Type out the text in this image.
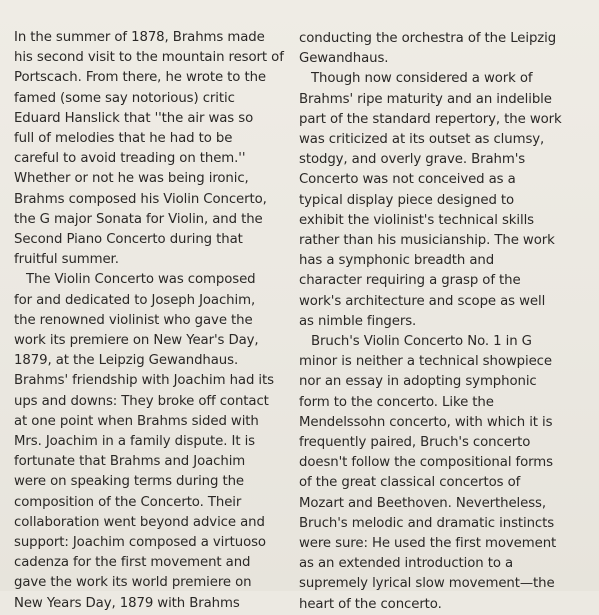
In the summer of 1878, Brahms made
his second visit to the mountain resort of
Portscach. From there, he wrote to the
famed (some say notorious) critic
Eduard Hanslick that ''the air was so
full of melodies that he had to be
careful to avoid treading on them.''
Whether or not he was being ironic,
Brahms composed his Violin Concerto,
the G major Sonata for Violin, and the
Second Piano Concerto during that
fruitful summer.
The Violin Concerto was composed
for and dedicated to Joseph Joachim,
the renowned violinist who gave the
work its premiere on New Year's Day,
1879, at the Leipzig Gewandhaus.
Brahms' friendship with Joachim had its
ups and downs: They broke off contact
at one point when Brahms sided with
Mrs. Joachim in a family dispute. It is
fortunate that Brahms and Joachim
were on speaking terms during the
composition of the Concerto. Their
collaboration went beyond advice and
support: Joachim composed a virtuoso
cadenza for the first movement and
gave the work its world premiere on
New Years Day, 1879 with Brahms
conducting the orchestra of the Leipzig
Gewandhaus.
Though now considered a work of
Brahms' ripe maturity and an indelible
part of the standard repertory, the work
was criticized at its outset as clumsy,
stodgy, and overly grave. Brahm's
Concerto was not conceived as a
typical display piece designed to
exhibit the violinist's technical skills
rather than his musicianship. The work
has a symphonic breadth and
character requiring a grasp of the
work's architecture and scope as well
as nimble fingers.
Bruch's Violin Concerto No. 1 in G
minor is neither a technical showpiece
nor an essay in adopting symphonic
form to the concerto. Like the
Mendelssohn concerto, with which it is
frequently paired, Bruch's concerto
doesn't follow the compositional forms
of the great classical concertos of
Mozart and Beethoven. Nevertheless,
Bruch's melodic and dramatic instincts
were sure: He used the first movement
as an extended introduction to a
supremely lyrical slow movement—the
heart of the concerto.
